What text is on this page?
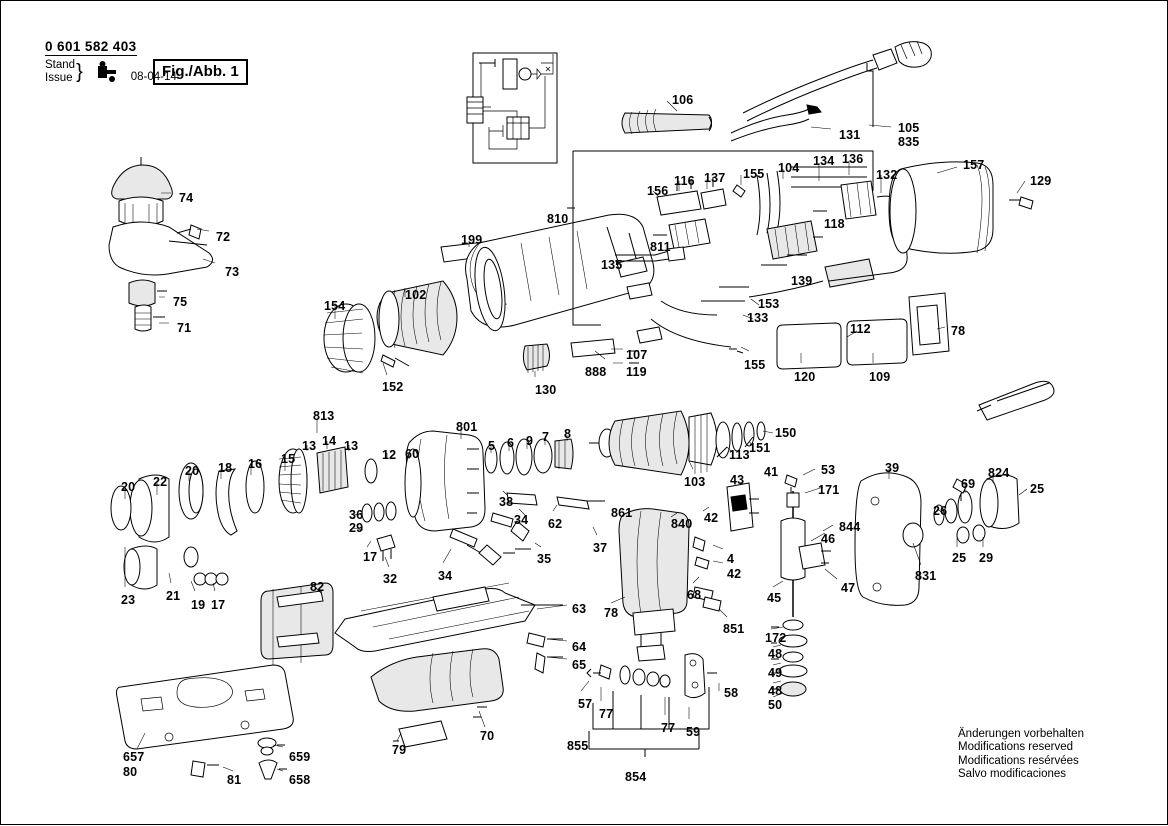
0 601 582 403
Stand
Issue }	08-04-14
Fig./Abb. 1
Änderungen vorbehalten
Modifications reserved
Modifications resérvées
Salvo modificaciones
74
72
73
75
71
154
102
199
152	130
888
107
119
810
156
116 137 155 104 134 136
132
157
129
118
811
135
139
153
133
155
112	78
120	109
106
131	105
835
813
13 14 13
12 60
801
5 6 9 7 8
103
113 151
150
20 22
20 18 16 15
23 21
19 17
36
29
17
32	34
35
37
38
34 62
861
840 42
43
41	53
171
844
46
45
47
4
42
68
78
851
39
69
824
25
26
25 29
831
82
63
64
65
657
80
659
81	658
70
79
57
77
77 59
58
855
854
172
48
49
48
50
